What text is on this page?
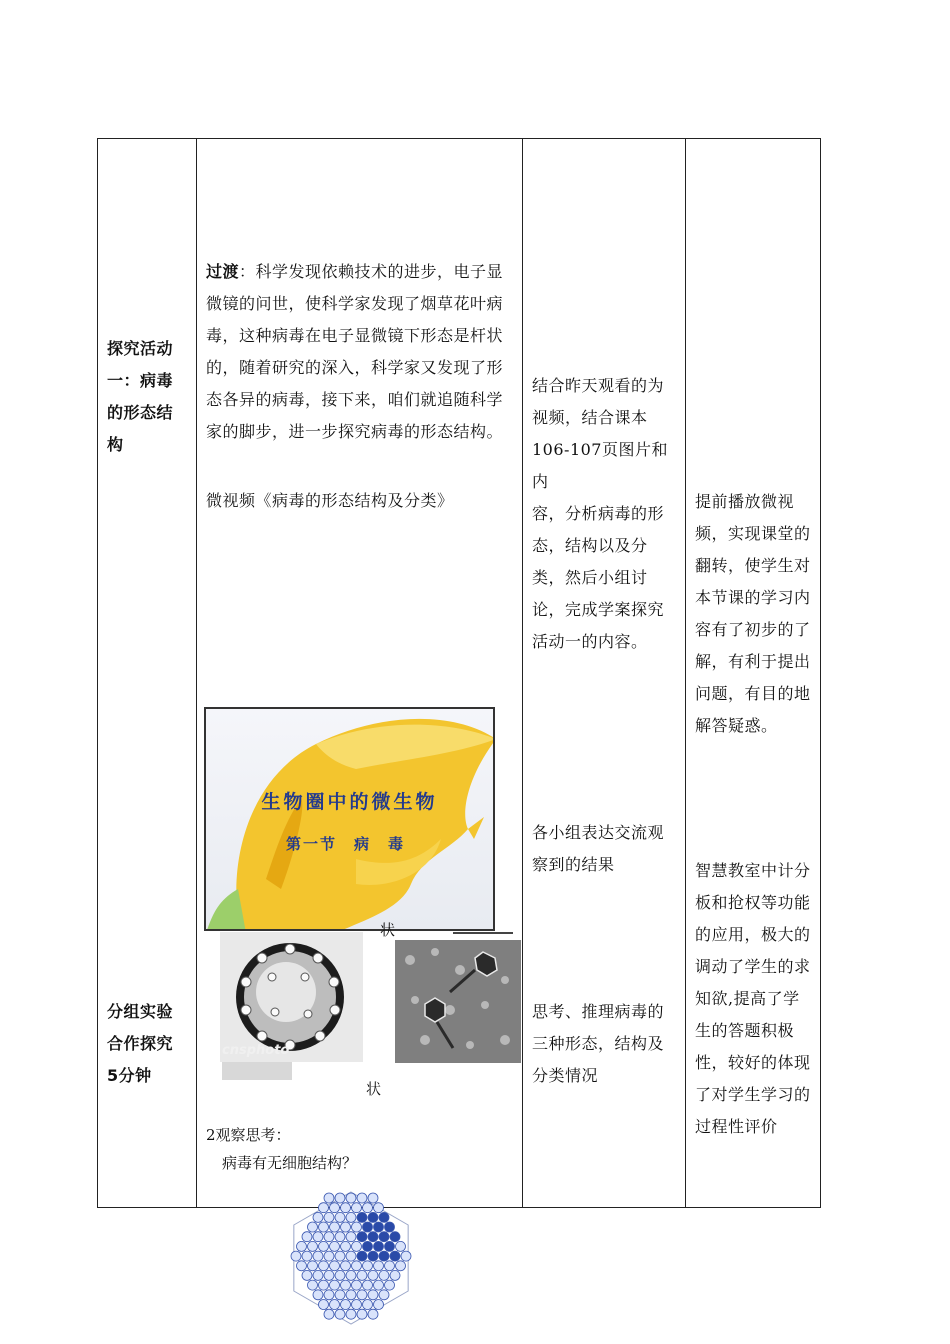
探究活动
一：病毒
的形态结
构
分组实验
合作探究
5分钟
过渡：科学发现依赖技术的进步，电子显
微镜的问世，使科学家发现了烟草花叶病
毒，这种病毒在电子显微镜下形态是杆状
的，随着研究的深入，科学家又发现了形
态各异的病毒，接下来，咱们就追随科学
家的脚步，进一步探究病毒的形态结构。
微视频《病毒的形态结构及分类》
生物圈中的微生物
第一节　病　毒
cnsphoto
状
状
2观察思考：
病毒有无细胞结构？
结合昨天观看的为
视频，结合课本
106-107页图片和内
容，分析病毒的形
态，结构以及分
类，然后小组讨
论，完成学案探究
活动一的内容。
各小组表达交流观
察到的结果
思考、推理病毒的
三种形态，结构及
分类情况
提前播放微视
频，实现课堂的
翻转，使学生对
本节课的学习内
容有了初步的了
解，有利于提出
问题，有目的地
解答疑惑。
智慧教室中计分
板和抢权等功能
的应用，极大的
调动了学生的求
知欲,提高了学
生的答题积极
性，较好的体现
了对学生学习的
过程性评价
